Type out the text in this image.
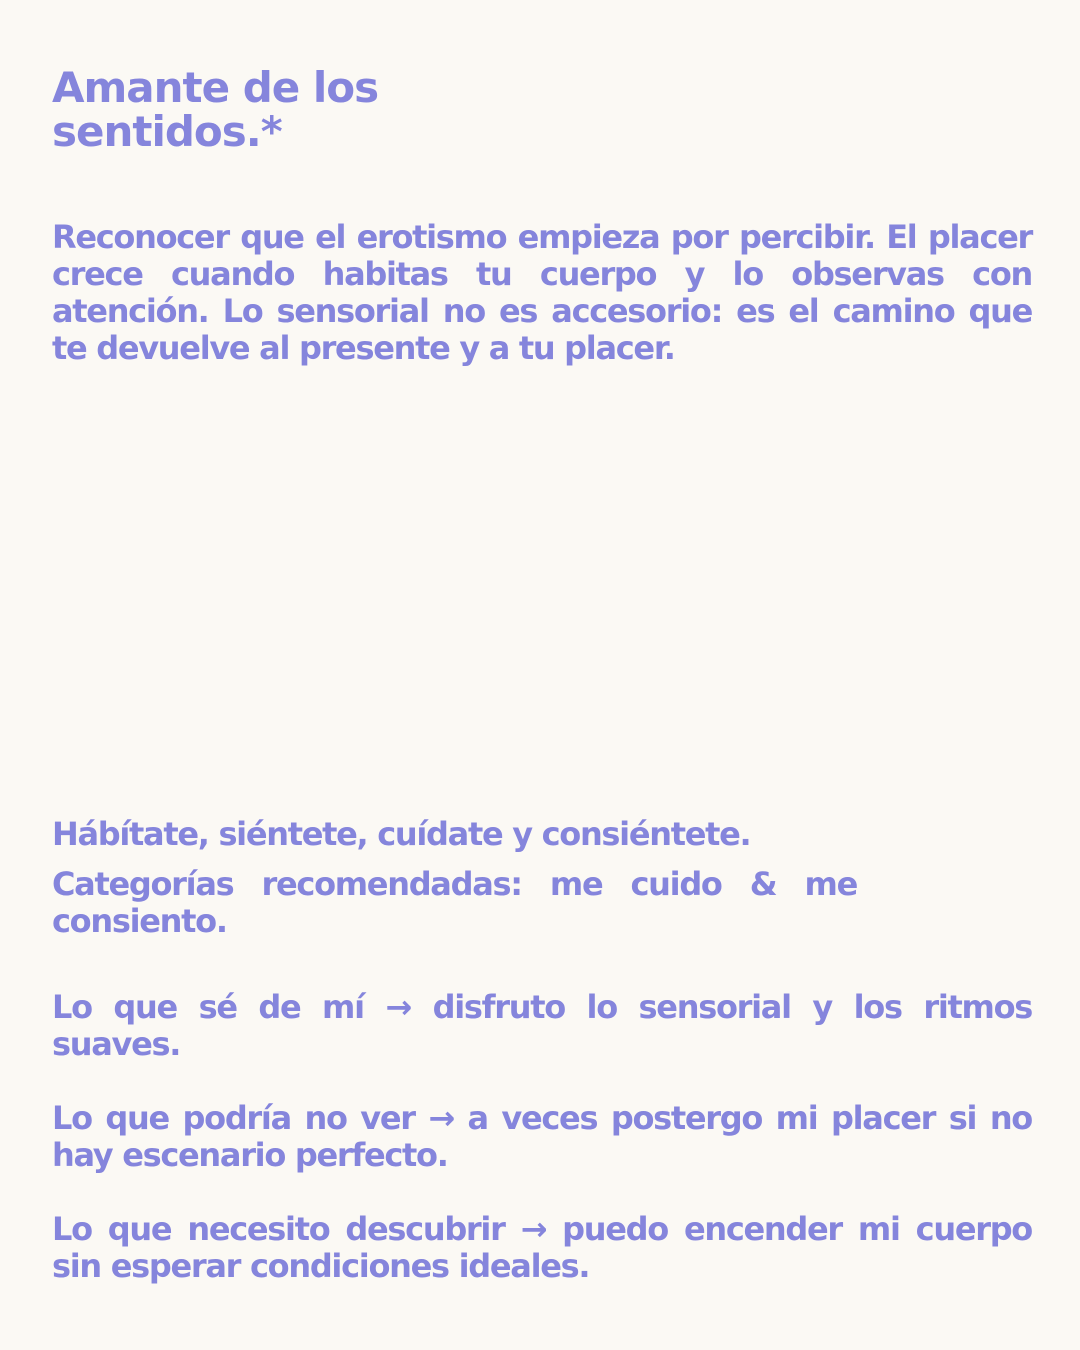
Amante de los
sentidos.*

Reconocer que el erotismo empieza por percibir. El placer crece cuando habitas tu cuerpo y lo observas con atención. Lo sensorial no es accesorio: es el camino que te devuelve al presente y a tu placer.

Hábítate, siéntete, cuídate y consiéntete.

Categorías recomendadas: me cuido & me consiento.

Lo que sé de mí → disfruto lo sensorial y los ritmos suaves.

Lo que podría no ver → a veces postergo mi placer si no hay escenario perfecto.

Lo que necesito descubrir → puedo encender mi cuerpo sin esperar condiciones ideales.
